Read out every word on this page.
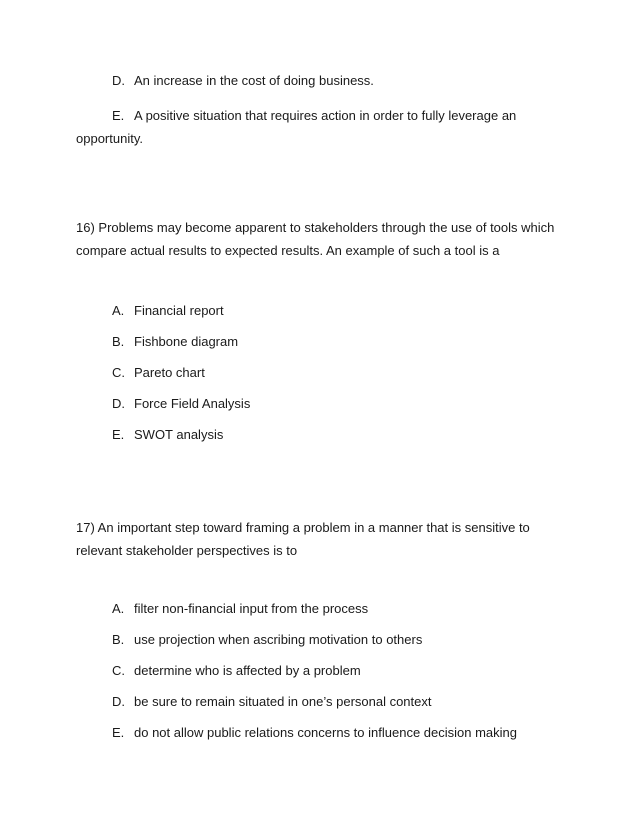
D. An increase in the cost of doing business.
E. A positive situation that requires action in order to fully leverage an opportunity.
16) Problems may become apparent to stakeholders through the use of tools which compare actual results to expected results. An example of such a tool is a
A. Financial report
B. Fishbone diagram
C. Pareto chart
D. Force Field Analysis
E. SWOT analysis
17) An important step toward framing a problem in a manner that is sensitive to relevant stakeholder perspectives is to
A. filter non-financial input from the process
B. use projection when ascribing motivation to others
C. determine who is affected by a problem
D. be sure to remain situated in one’s personal context
E. do not allow public relations concerns to influence decision making
